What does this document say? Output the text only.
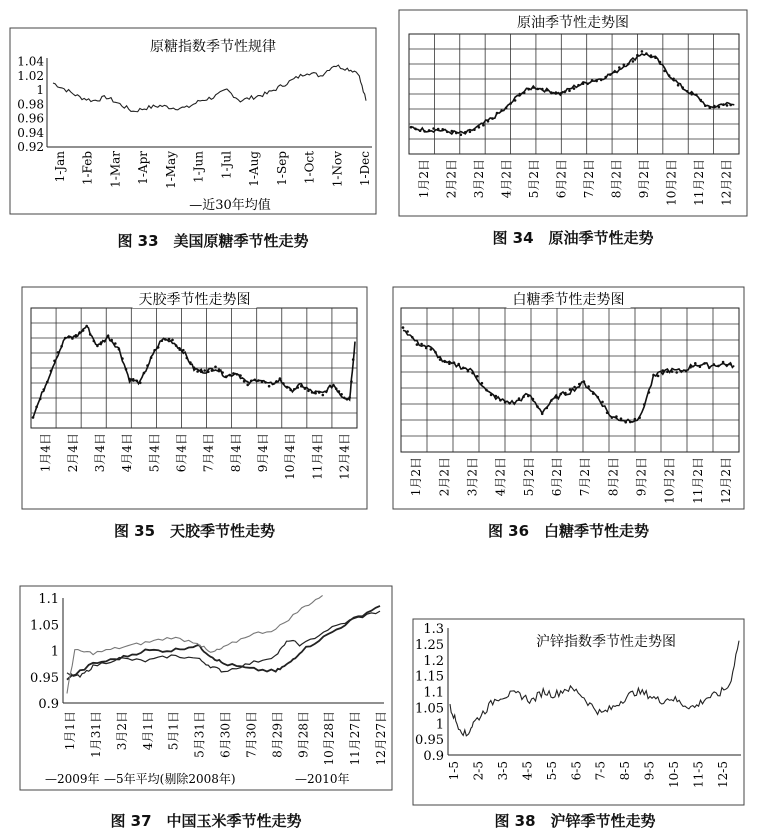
原糖指数季节性规律
1.04
1.02
1
0.98
0.96
0.94
0.92
1-Jan 1-Feb 1-Mar 1-Apr 1-May 1-Jun 1-Jul 1-Aug 1-Sep 1-Oct 1-Nov 1-Dec
—近30年均值
图 33　美国原糖季节性走势
原油季节性走势图
1月2日 2月2日 3月2日 4月2日 5月2日 6月2日 7月2日 8月2日 9月2日 10月2日 11月2日 12月2日
图 34　原油季节性走势
天胶季节性走势图
1月4日 2月4日 3月4日 4月4日 5月4日 6月4日 7月4日 8月4日 9月4日 10月4日 11月4日 12月4日
图 35　天胶季节性走势
白糖季节性走势图
1月2日 2月2日 3月2日 4月2日 5月2日 6月2日 7月2日 8月2日 9月2日 10月2日 11月2日 12月2日
图 36　白糖季节性走势
1.1
1.05
1
0.95
0.9
1月1日 1月31日 3月2日 4月1日 5月1日 5月31日 6月30日 7月30日 8月29日 9月28日 10月28日 11月27日 12月27日
—2009年 —5年平均(剔除2008年)	—2010年
图 37　中国玉米季节性走势
沪锌指数季节性走势图
1.3
1.25
1.2
1.15
1.1
1.05
1
0.95
0.9
1-5 2-5 3-5 4-5 5-5 6-5 7-5 8-5 9-5 10-5 11-5 12-5
图 38　沪锌季节性走势
